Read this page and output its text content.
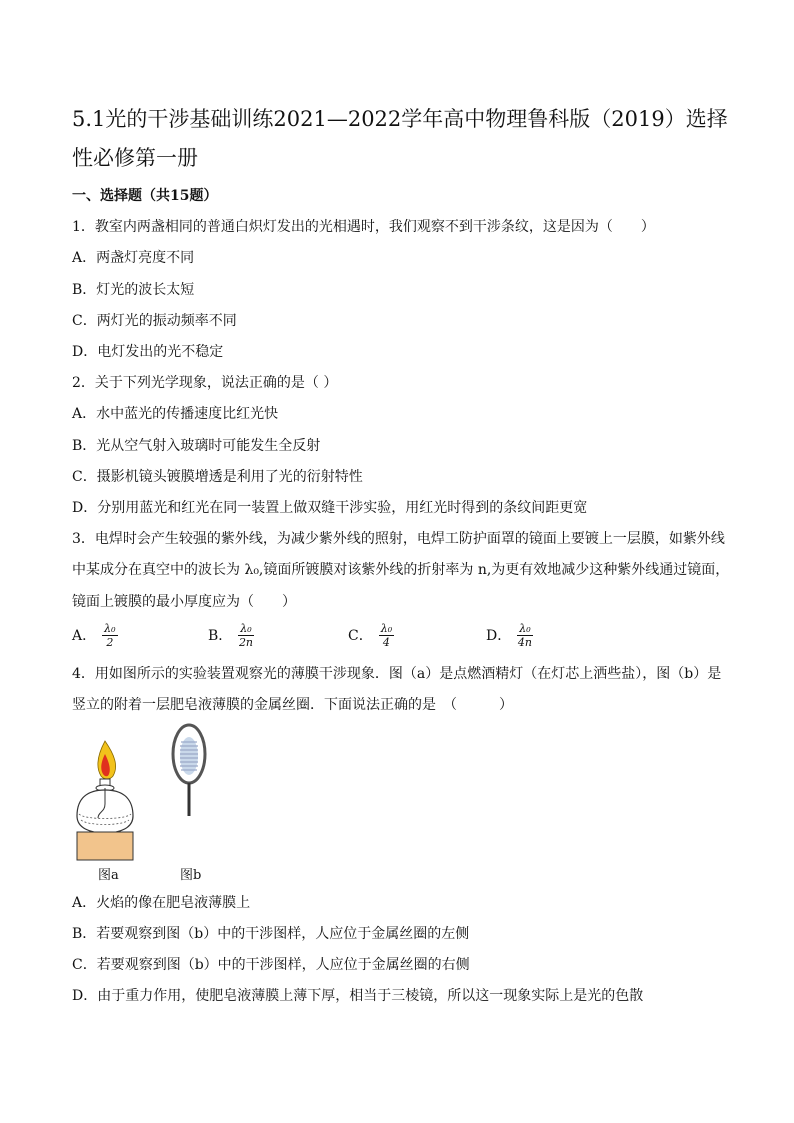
5.1光的干涉基础训练2021—2022学年高中物理鲁科版（2019）选择性必修第一册
一、选择题（共15题）
1．教室内两盏相同的普通白炽灯发出的光相遇时，我们观察不到干涉条纹，这是因为（　　）
A．两盏灯亮度不同
B．灯光的波长太短
C．两灯光的振动频率不同
D．电灯发出的光不稳定
2．关于下列光学现象，说法正确的是（ ）
A．水中蓝光的传播速度比红光快
B．光从空气射入玻璃时可能发生全反射
C．摄影机镜头镀膜增透是利用了光的衍射特性
D．分别用蓝光和红光在同一装置上做双缝干涉实验，用红光时得到的条纹间距更宽
3．电焊时会产生较强的紫外线，为减少紫外线的照射，电焊工防护面罩的镜面上要镀上一层膜，如紫外线
中某成分在真空中的波长为 λ₀,镜面所镀膜对该紫外线的折射率为 n,为更有效地减少这种紫外线通过镜面，
镜面上镀膜的最小厚度应为（　　）
A． $\frac{\text{λ₀}}{2}$	B． $\frac{\text{λ₀}}{2n}$	C． $\frac{\text{λ₀}}{4}$	D． $\frac{\text{λ₀}}{4n}$
4．用如图所示的实验装置观察光的薄膜干涉现象．图（a）是点燃酒精灯（在灯芯上洒些盐），图（b）是
竖立的附着一层肥皂液薄膜的金属丝圈．下面说法正确的是　（　　　）
图a	图b
A．火焰的像在肥皂液薄膜上
B．若要观察到图（b）中的干涉图样，人应位于金属丝圈的左侧
C．若要观察到图（b）中的干涉图样，人应位于金属丝圈的右侧
D．由于重力作用，使肥皂液薄膜上薄下厚，相当于三棱镜，所以这一现象实际上是光的色散
